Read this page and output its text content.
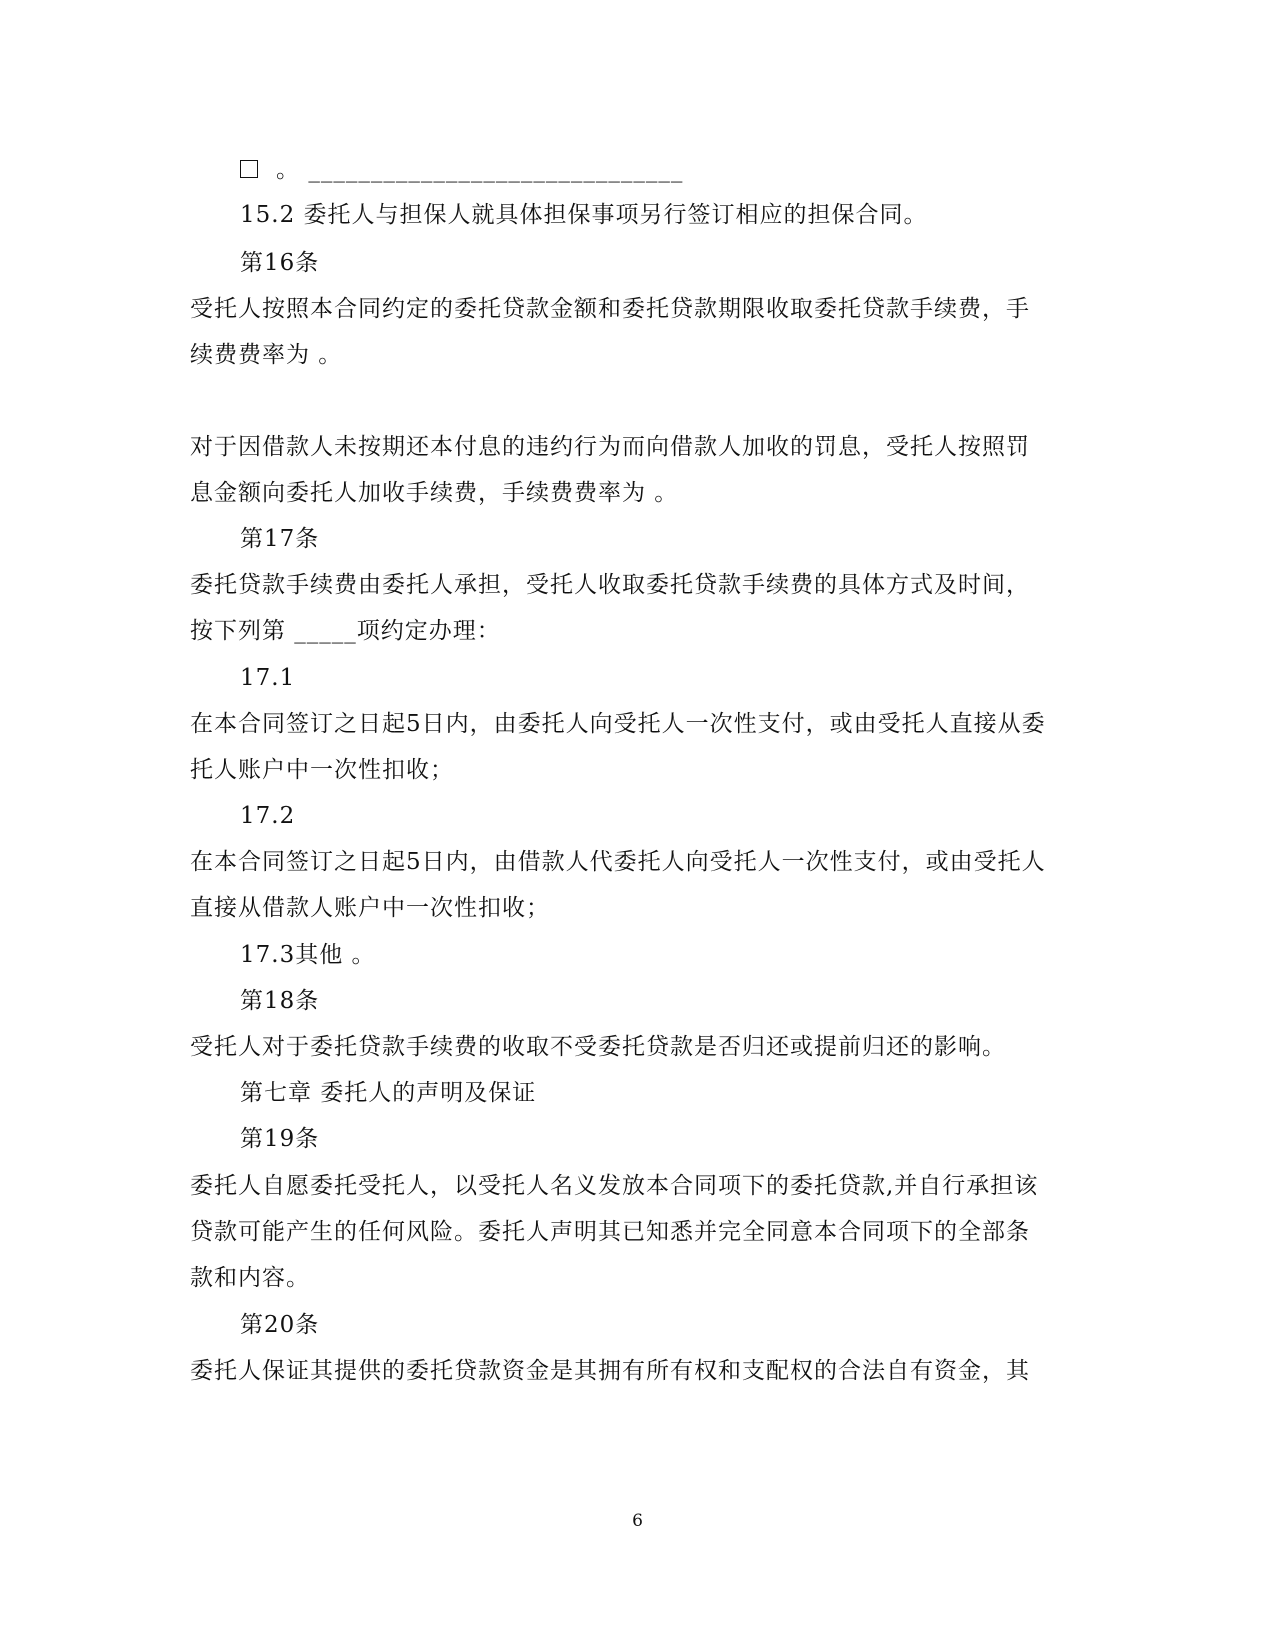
。 ______________________________
15.2 委托人与担保人就具体担保事项另行签订相应的担保合同。
第16条
受托人按照本合同约定的委托贷款金额和委托贷款期限收取委托贷款手续费，手
续费费率为 。
对于因借款人未按期还本付息的违约行为而向借款人加收的罚息，受托人按照罚
息金额向委托人加收手续费，手续费费率为 。
第17条
委托贷款手续费由委托人承担，受托人收取委托贷款手续费的具体方式及时间，
按下列第 _____项约定办理：
17.1
在本合同签订之日起5日内，由委托人向受托人一次性支付，或由受托人直接从委
托人账户中一次性扣收；
17.2
在本合同签订之日起5日内，由借款人代委托人向受托人一次性支付，或由受托人
直接从借款人账户中一次性扣收；
17.3其他 。
第18条
受托人对于委托贷款手续费的收取不受委托贷款是否归还或提前归还的影响。
第七章 委托人的声明及保证
第19条
委托人自愿委托受托人，以受托人名义发放本合同项下的委托贷款,并自行承担该
贷款可能产生的任何风险。委托人声明其已知悉并完全同意本合同项下的全部条
款和内容。
第20条
委托人保证其提供的委托贷款资金是其拥有所有权和支配权的合法自有资金，其
6
